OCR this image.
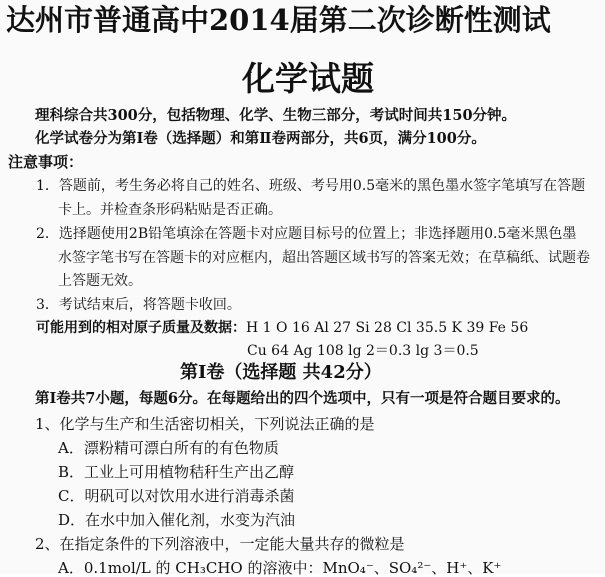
达州市普通高中2014届第二次诊断性测试
化学试题
理科综合共300分，包括物理、化学、生物三部分，考试时间共150分钟。
化学试卷分为第Ⅰ卷（选择题）和第Ⅱ卷两部分，共6页，满分100分。
注意事项：
1．答题前，考生务必将自己的姓名、班级、考号用0.5毫米的黑色墨水签字笔填写在答题
卡上。并检查条形码粘贴是否正确。
2．选择题使用2B铅笔填涂在答题卡对应题目标号的位置上；非选择题用0.5毫米黑色墨
水签字笔书写在答题卡的对应框内，超出答题区域书写的答案无效；在草稿纸、试题卷
上答题无效。
3．考试结束后，将答题卡收回。
可能用到的相对原子质量及数据：H 1 O 16 Al 27 Si 28 Cl 35.5 K 39 Fe 56
Cu 64 Ag 108 lg 2＝0.3 lg 3＝0.5
第Ⅰ卷（选择题 共42分）
第Ⅰ卷共7小题，每题6分。在每题给出的四个选项中，只有一项是符合题目要求的。
1、化学与生产和生活密切相关，下列说法正确的是
A．漂粉精可漂白所有的有色物质
B．工业上可用植物秸秆生产出乙醇
C．明矾可以对饮用水进行消毒杀菌
D．在水中加入催化剂，水变为汽油
2、在指定条件的下列溶液中，一定能大量共存的微粒是
A．0.1mol/L 的 CH₃CHO 的溶液中：MnO₄⁻、SO₄²⁻、H⁺、K⁺
